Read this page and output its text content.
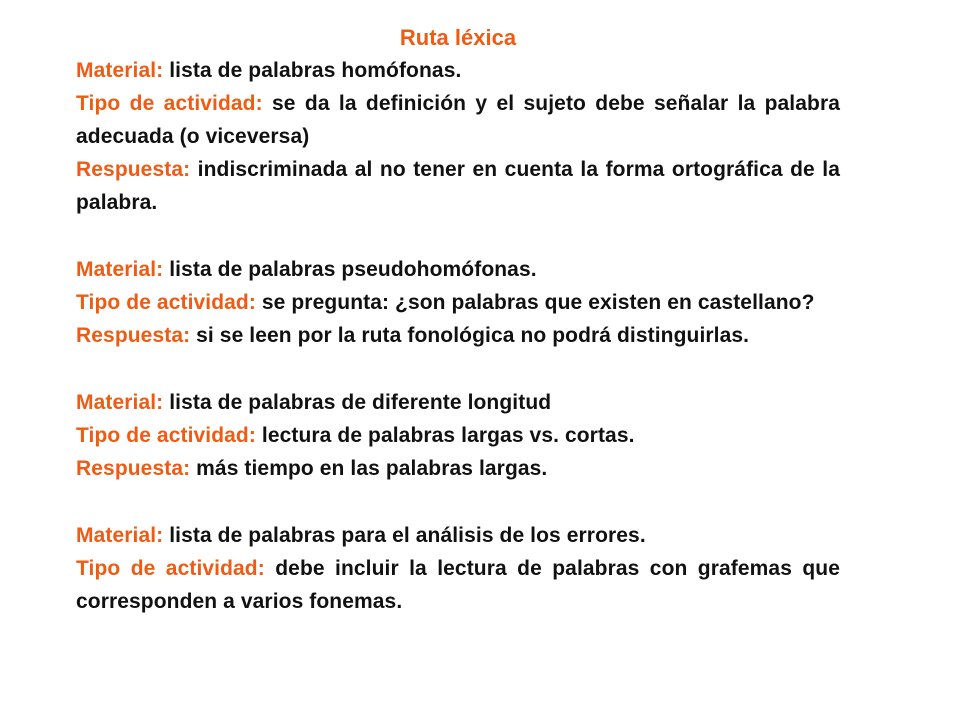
Ruta léxica

Material: lista de palabras homófonas.

Tipo de actividad: se da la definición y el sujeto debe señalar la palabra adecuada (o viceversa)

Respuesta: indiscriminada al no tener en cuenta la forma ortográfica de la palabra.

Material: lista de palabras pseudohomófonas.

Tipo de actividad: se pregunta: ¿son palabras que existen en castellano?

Respuesta: si se leen por la ruta fonológica no podrá distinguirlas.

Material: lista de palabras de diferente longitud

Tipo de actividad: lectura de palabras largas vs. cortas.

Respuesta: más tiempo en las palabras largas.

Material: lista de palabras para el análisis de los errores.

Tipo de actividad: debe incluir la lectura de palabras con grafemas que corresponden a varios fonemas.
